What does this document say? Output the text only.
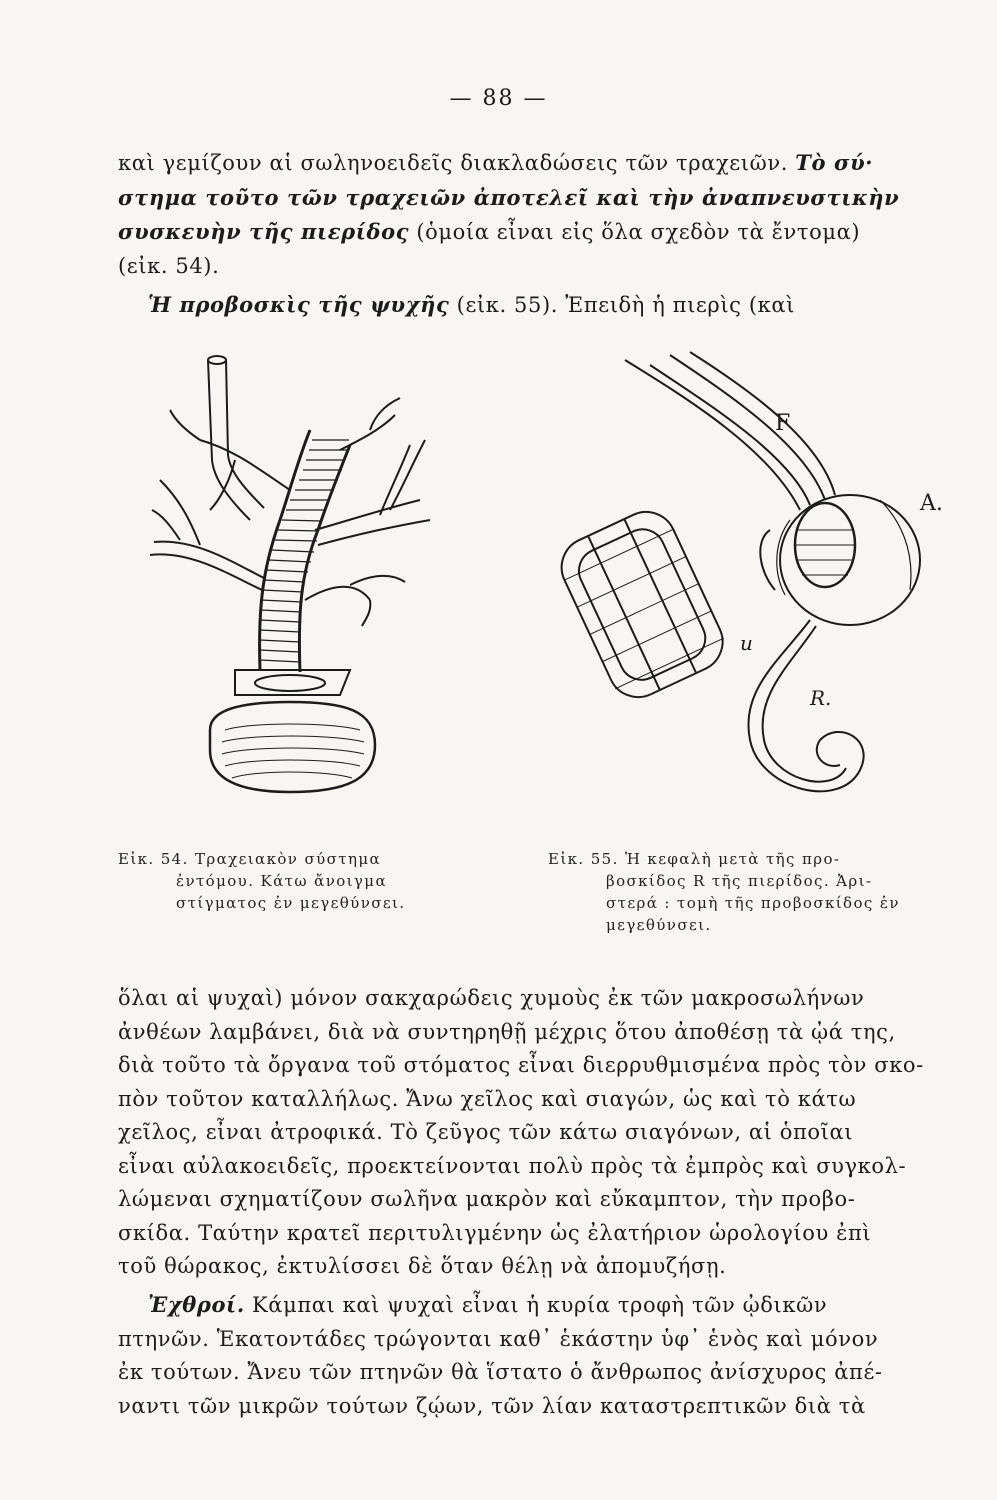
— 88 —
καὶ γεμίζουν αἱ σωληνοειδεῖς διακλαδώσεις τῶν τραχειῶν. Τὸ σύ·
στημα τοῦτο τῶν τραχειῶν ἀποτελεῖ καὶ τὴν ἀναπνευστικὴν
συσκευὴν τῆς πιερίδος (ὁμοία εἶναι εἰς ὅλα σχεδὸν τὰ ἔντομα)
(εἰκ. 54).
Ἡ προβοσκὶς τῆς ψυχῆς (εἰκ. 55). Ἐπειδὴ ἡ πιερὶς (καὶ
F
A.
u
R.
Εἰκ. 54. Τραχειακὸν σύστημα
ἐντόμου. Κάτω ἄνοιγμα
στίγματος ἐν μεγεθύνσει.
Εἰκ. 55. Ἡ κεφαλὴ μετὰ τῆς προ-
βοσκίδος R τῆς πιερίδος. Ἀρι-
στερά : τομὴ τῆς προβοσκίδος ἐν
μεγεθύνσει.
ὅλαι αἱ ψυχαὶ) μόνον σακχαρώδεις χυμοὺς ἐκ τῶν μακροσωλήνων
ἀνθέων λαμβάνει, διὰ νὰ συντηρηθῇ μέχρις ὅτου ἀποθέσῃ τὰ ᾠά της,
διὰ τοῦτο τὰ ὄργανα τοῦ στόματος εἶναι διερρυθμισμένα πρὸς τὸν σκο-
πὸν τοῦτον καταλλήλως. Ἄνω χεῖλος καὶ σιαγών, ὡς καὶ τὸ κάτω
χεῖλος, εἶναι ἀτροφικά. Τὸ ζεῦγος τῶν κάτω σιαγόνων, αἱ ὁποῖαι
εἶναι αὐλακοειδεῖς, προεκτείνονται πολὺ πρὸς τὰ ἐμπρὸς καὶ συγκολ-
λώμεναι σχηματίζουν σωλῆνα μακρὸν καὶ εὔκαμπτον, τὴν προβο-
σκίδα. Ταύτην κρατεῖ περιτυλιγμένην ὡς ἐλατήριον ὡρολογίου ἐπὶ
τοῦ θώρακος, ἐκτυλίσσει δὲ ὅταν θέλῃ νὰ ἀπομυζήσῃ.
Ἐχθροί. Κάμπαι καὶ ψυχαὶ εἶναι ἡ κυρία τροφὴ τῶν ᾠδικῶν
πτηνῶν. Ἑκατοντάδες τρώγονται καθ᾽ ἑκάστην ὑφ᾽ ἑνὸς καὶ μόνον
ἐκ τούτων. Ἄνευ τῶν πτηνῶν θὰ ἵστατο ὁ ἄνθρωπος ἀνίσχυρος ἀπέ-
ναντι τῶν μικρῶν τούτων ζῴων, τῶν λίαν καταστρεπτικῶν διὰ τὰ
